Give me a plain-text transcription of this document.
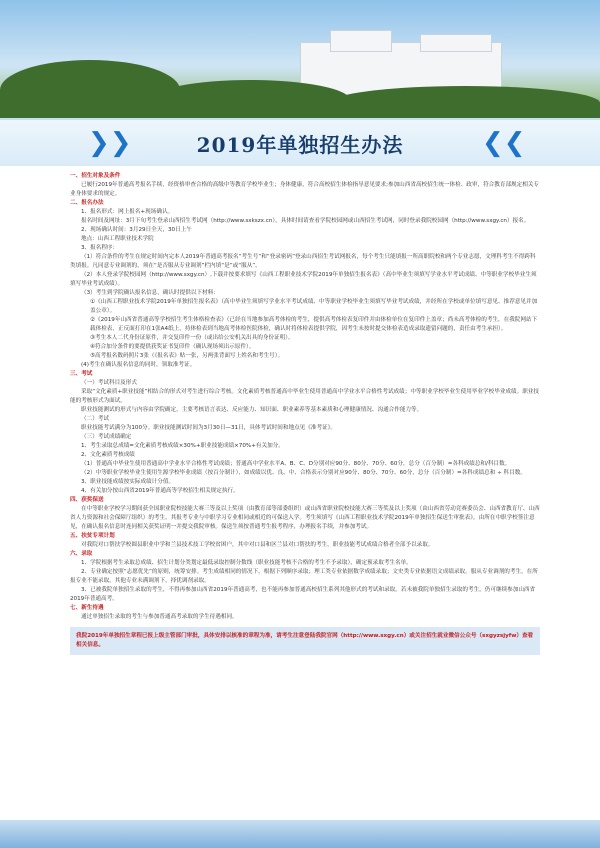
❯❯	2019年单独招生办法	❮❮

一、招生对象及条件

已履行2019年普通高考报名手续，经资格审查合格的高级中等教育学校毕业生；身体健康，符合高校招生体检指导意见要求;参加山西省高校招生统一体检、政审，符合教育部规定相关专业身体要求的规定。

二、报名办法

1、报名形式：网上报名+现场确认。

报名时间及网址：3月下旬考生登录山西招生考试网（http://www.sxkszx.cn），具体时间请查看学院校园网或山西招生考试网，同时登录我院校园网（http://www.sxgy.cn）报名。

2、现场确认时间：3月29日全天，30日上午

地点：山西工程职业技术学院

3、报名程序：

（1）符合条件的考生在规定时间内完本人2019年普通高考报名“考生号”和“登录密码”登录山西招生考试网报名，每个考生只能填报一所高职院校和两个专业志愿，文理科考生不得跨科类填报。凡同意专业调剂的，须在“是否服从专业调剂”栏内填“是”或“服从”。

（2）本人登录学院校园网（http://www.sxgy.cn）,下载并按要求填写《山西工程职业技术学院2019年单独招生报名表》（高中毕业生须填写学业水平考试成绩、中等职业学校毕业生须填写毕业考试成绩）。

（3）考生到学院确认报名信息，确认时提供以下材料：

①《山西工程职业技术学院2019年单独招生报名表》（高中毕业生须填写学业水平考试成绩、中等职业学校毕业生须填写毕业考试成绩，并经所在学校或单位填写意见、推荐意见并加盖公章）。

②《2019年山西省普通高等学校招生考生体格检查表》（已经在当地参加高考体检的考生，提供高考体检表复印件并由体检单位在复印件上盖章；尚未高考体检的考生，在我院网站下载体检表，正反面打印在1张A4纸上，持体检表到当地高考体检医院体检，确认时将体检表提供学院，因考生未按时提交体检表造成录取遗留问题的，责任由考生承担）。

③考生本人二代身份证原件，并交复印件一份（或出给公安机关出具的身份证明）。

④符合加分条件的要提供获奖证书复印件（确认现场须出示原件）。

⑤高考报名数码照片3张（《报名表》贴一张，另两张背面写上姓名和考生号）。

(4)考生在确认报名信息的同时，领取准考证。

三、考试

（一）考试科目及形式

采取“文化素质+职业技能”相结合的形式对考生进行综合考核。文化素质考核普通高中毕业生使用普通高中学业水平合格性考试成绩；中等职业学校毕业生使用毕业学校毕业成绩。职业技能的考核形式为面试。

职业技能测试的形式与内容由学院确定，主要考核语言表达、反应能力、知识面、职业素养等基本素质和心理健康情况、沟通合作能力等。

（二）考试

职业技能考试满分为100分。职业技能测试时间为3月30日—31日，具体考试时间和地点见《准考证》。

（三）考试成绩确定

1、考生录取总成绩=文化素质考核成绩×30%+职业技能成绩×70%+有关加分。

2、文化素质考核成绩

（1）普通高中毕业生使用普通高中学业水平合格性考试成绩；普通高中学业水平A、B、C、D分别对应90分、80分、70分、60分，总分（百分制）=各科成绩总和/科目数。

（2）中等职业学校毕业生使用生源学校毕业成绩（按百分制计），如成绩以优、良、中、合格表示分别对应90分、80分、70分、60分，总分（百分制）=各科成绩总和 ÷ 科目数。

3、职业技能成绩按实际成绩计分值。

4、有关加分按山西省2019年普通高等学校招生相关规定执行。

四、获奖保送

在中等职业学校学习期间获全国职业院校技能大赛三等及以上奖项（由教育部等部委组织）或山西省职业院校技能大赛三等奖及以上奖项（由山西省劳动竞赛委员会、山西省教育厅、山西省人力资源和社会保障厅组织）的考生，其报考专业与中职学习专业相同或相近的可保送入学。考生须填写《山西工程职业技术学院2019年单独招生保送生审批表》，由所在中职学校签注意见，在确认报名信息时连同相关获奖证明一并提交我院审核。保送生须按普通考生报考程序，办理报名手续，并参加考试。

五、扶贫专项计划

对我院对口帮扶学校圆县职业中学和兰县技术技工学校贫困户，其中对口县和区兰县对口帮扶的考生，职业技能考试成绩合格者全部予以录取。

六、录取

1、学院根据考生录取总成绩、招生计划分类划定最低录取控制分数线（职业技能考核不合格的考生不予录取），确定预录取考生名单。

2、专业确定按照“志愿优先”的原则，统筹安排。考生成绩相同的情况下，根据下列顺序录取；理工类专业依据数学成绩录取；文史类专业依据语文成绩录取。服从专业调剂的考生，在所报专业不能录取，其他专业未满调剂下，择优调剂录取。

3、已被我院单独招生录取的考生，不得再参加山西省2019年普通高考，也不能再参加普通高校招生系列其他形式的考试和录取。若未被我院单独招生录取的考生，仍可继续参加山西省2019年普通高考。

七、新生待遇

通过单独招生录取的考生与参加普通高考录取的学生待遇相同。

我院2019年单独招生章程已报上级主管部门审批，具体安排以核准的章程为准，请考生注意登陆我院官网（http://www.sxgy.cn）或关注招生就业微信公众号（sxgyzsjyfw）查看相关信息。
